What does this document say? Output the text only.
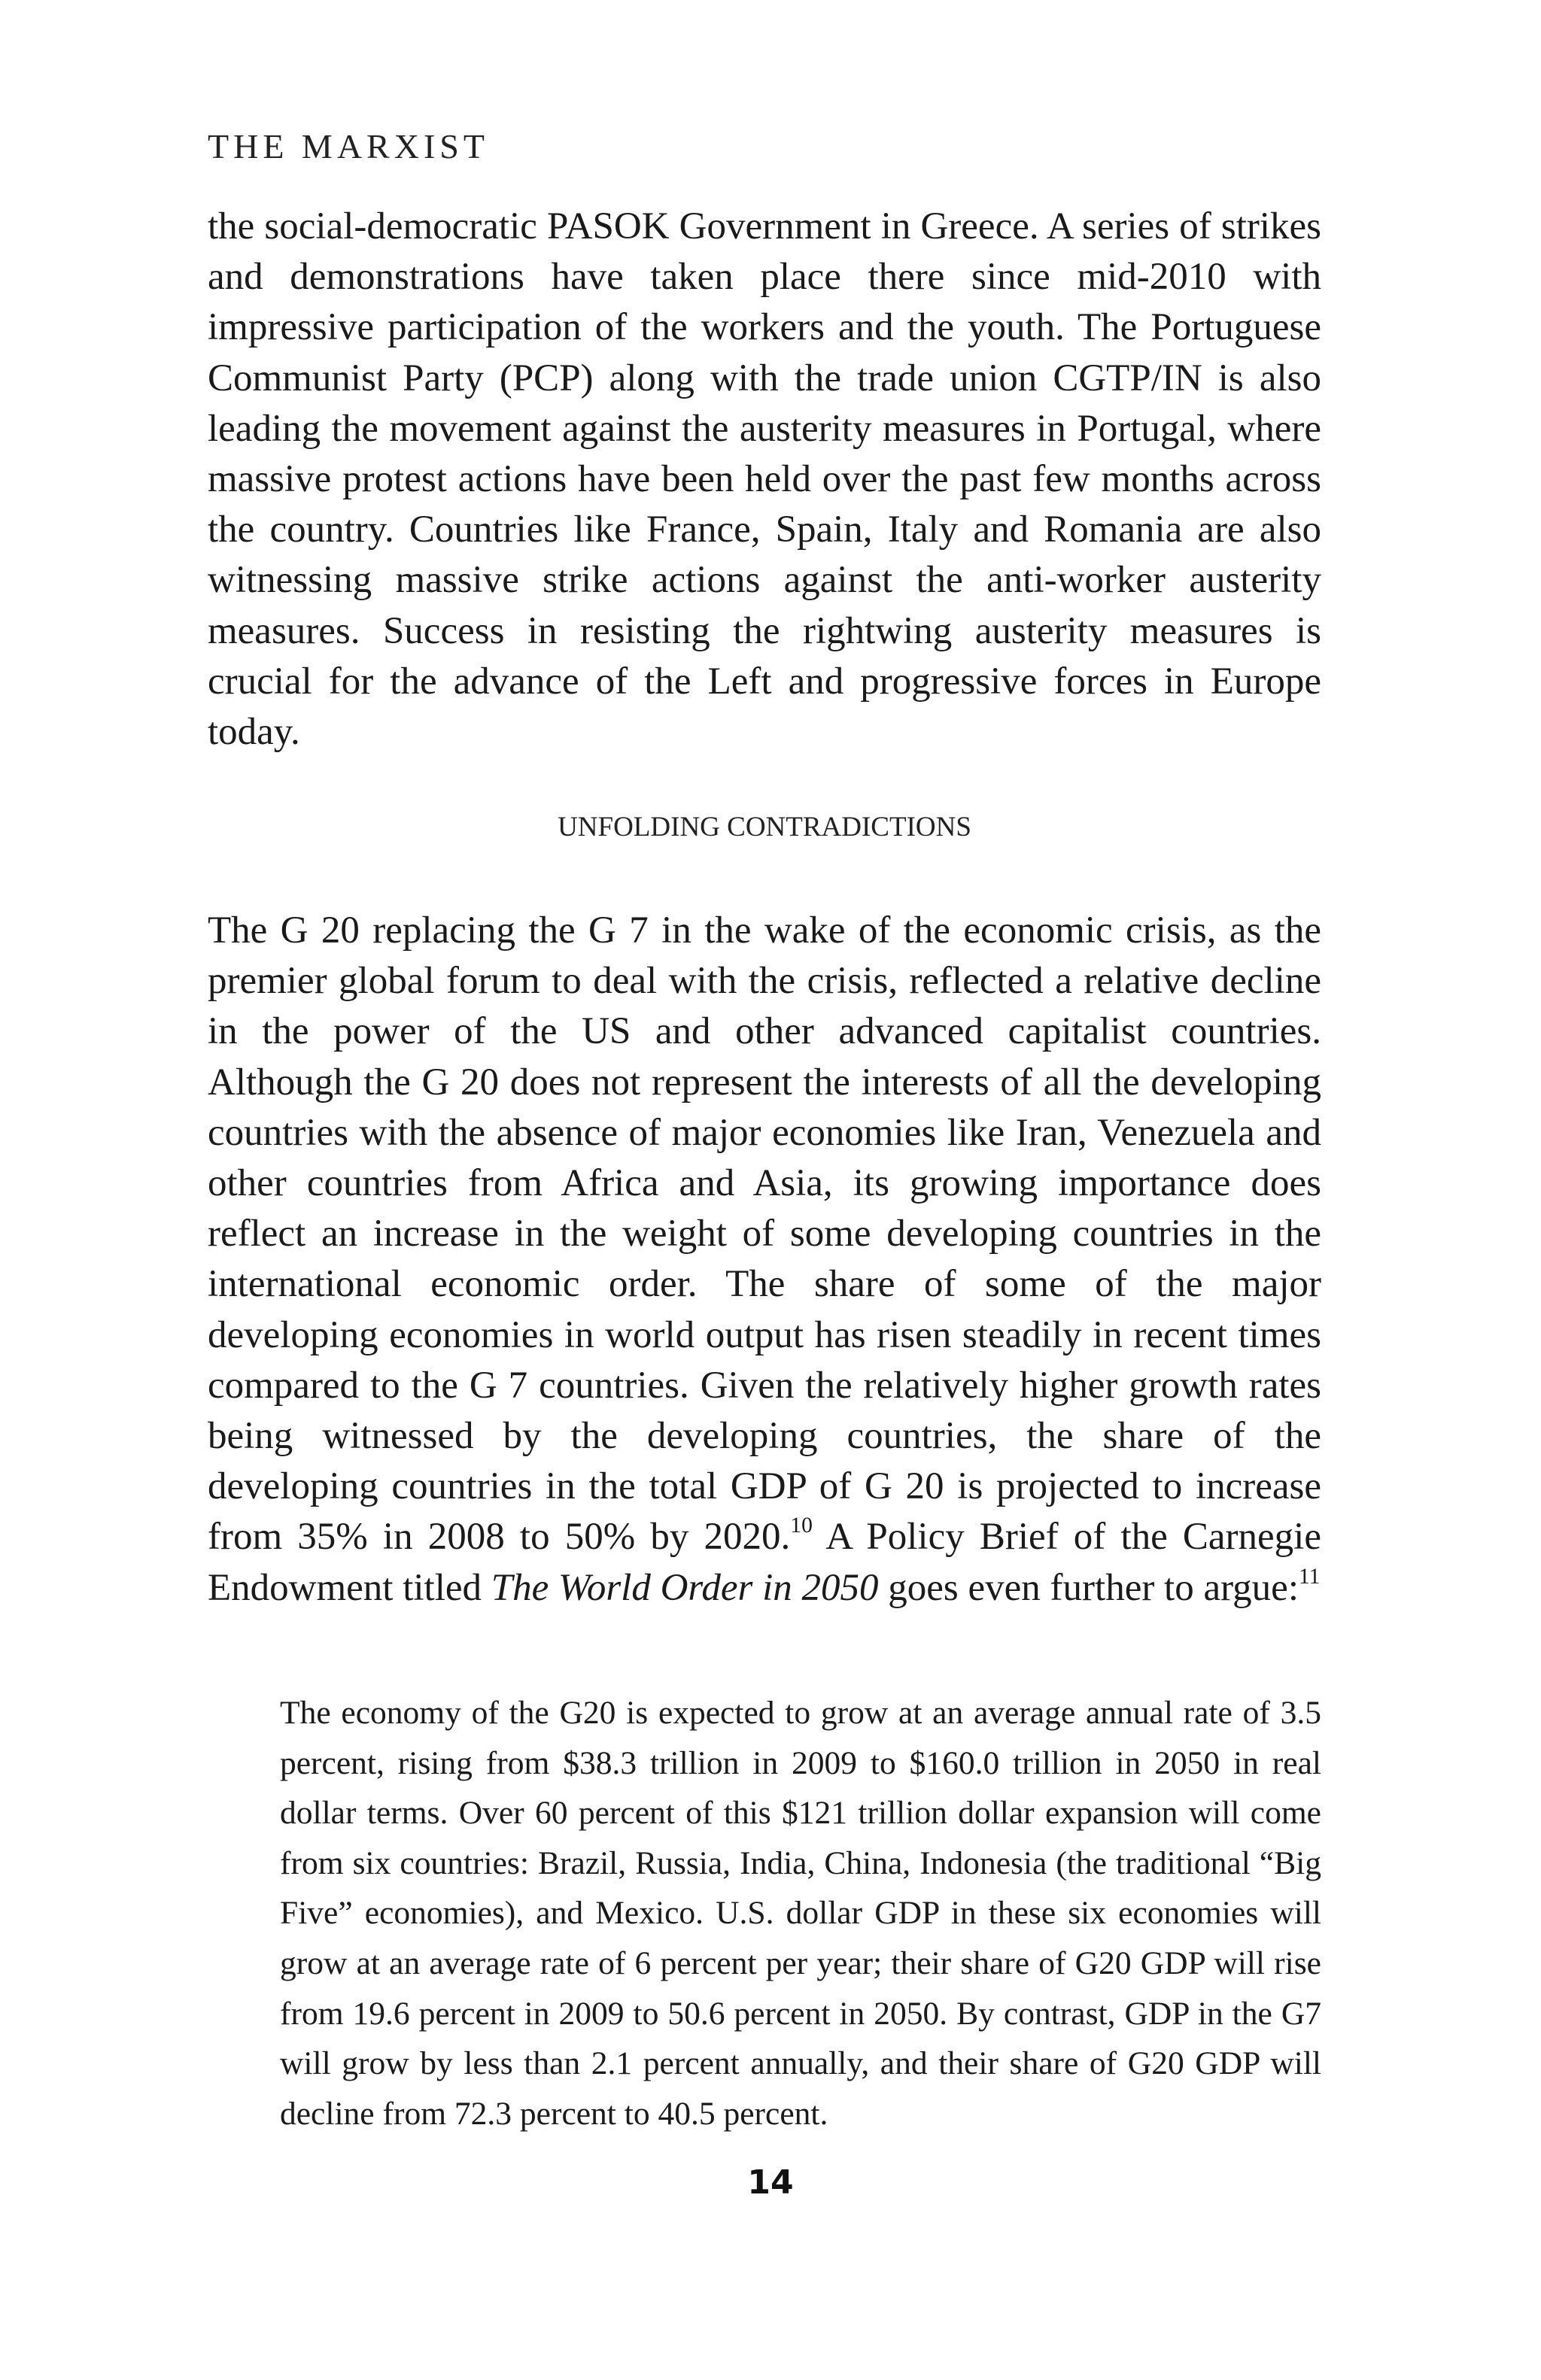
THE MARXIST

the social-democratic PASOK Government in Greece. A series of strikes and demonstrations have taken place there since mid-2010 with impressive participation of the workers and the youth. The Portuguese Communist Party (PCP) along with the trade union CGTP/IN is also leading the movement against the austerity measures in Portugal, where massive protest actions have been held over the past few months across the country. Countries like France, Spain, Italy and Romania are also witnessing massive strike actions against the anti-worker austerity measures. Success in resisting the rightwing austerity measures is crucial for the advance of the Left and progressive forces in Europe today.

UNFOLDING CONTRADICTIONS

The G 20 replacing the G 7 in the wake of the economic crisis, as the premier global forum to deal with the crisis, reflected a relative decline in the power of the US and other advanced capitalist countries. Although the G 20 does not represent the interests of all the developing countries with the absence of major economies like Iran, Venezuela and other countries from Africa and Asia, its growing importance does reflect an increase in the weight of some developing countries in the international economic order. The share of some of the major developing economies in world output has risen steadily in recent times compared to the G 7 countries. Given the relatively higher growth rates being witnessed by the developing countries, the share of the developing countries in the total GDP of G 20 is projected to increase from 35% in 2008 to 50% by 2020.10 A Policy Brief of the Carnegie Endowment titled The World Order in 2050 goes even further to argue:$^{11}$

The economy of the G20 is expected to grow at an average annual rate of 3.5 percent, rising from $38.3 trillion in 2009 to $160.0 trillion in 2050 in real dollar terms. Over 60 percent of this $121 trillion dollar expansion will come from six countries: Brazil, Russia, India, China, Indonesia (the traditional “Big Five” economies), and Mexico. U.S. dollar GDP in these six economies will grow at an average rate of 6 percent per year; their share of G20 GDP will rise from 19.6 percent in 2009 to 50.6 percent in 2050. By contrast, GDP in the G7 will grow by less than 2.1 percent annually, and their share of G20 GDP will decline from 72.3 percent to 40.5 percent.

14
